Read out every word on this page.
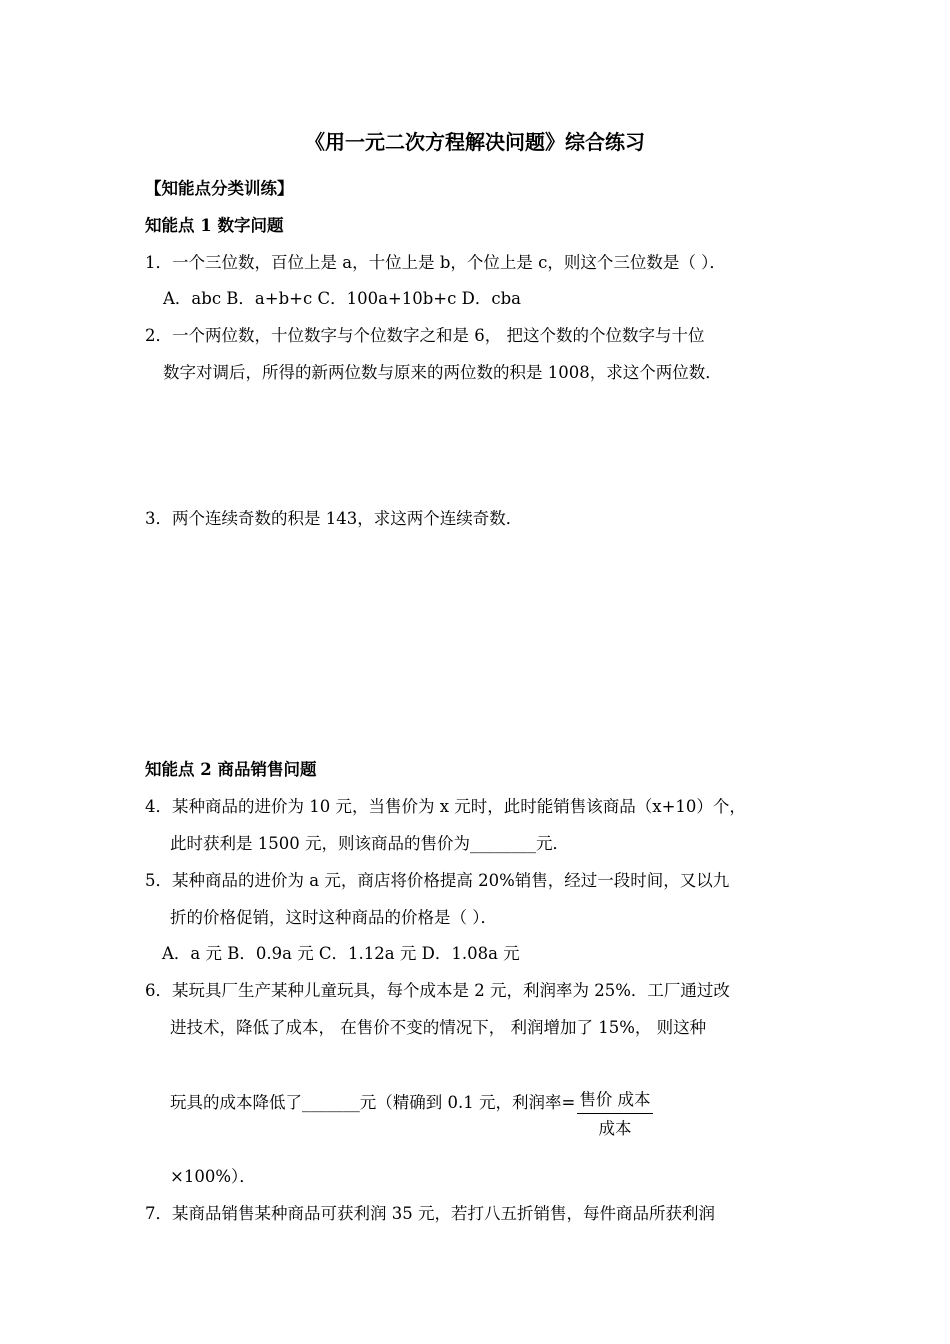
《用一元二次方程解决问题》综合练习
【知能点分类训练】
知能点 1 数字问题
1．一个三位数，百位上是 a，十位上是 b，个位上是 c，则这个三位数是（ ）．
A．abc B．a+b+c C．100a+10b+c D．cba
2．一个两位数，十位数字与个位数字之和是 6， 把这个数的个位数字与十位
数字对调后，所得的新两位数与原来的两位数的积是 1008，求这个两位数．
3．两个连续奇数的积是 143，求这两个连续奇数．
知能点 2 商品销售问题
4．某种商品的进价为 10 元，当售价为 x 元时，此时能销售该商品（x+10）个，
此时获利是 1500 元，则该商品的售价为________元．
5．某种商品的进价为 a 元，商店将价格提高 20%销售，经过一段时间，又以九
折的价格促销，这时这种商品的价格是（ ）．
A．a 元 B．0.9a 元 C．1.12a 元 D．1.08a 元
6．某玩具厂生产某种儿童玩具，每个成本是 2 元，利润率为 25%．工厂通过改
进技术，降低了成本， 在售价不变的情况下， 利润增加了 15%， 则这种
玩具的成本降低了_______元（精确到 0.1 元，利润率= $\frac{\text{售价 成本}}{\text{成本}}$
×100%）．
7．某商品销售某种商品可获利润 35 元，若打八五折销售，每件商品所获利润
